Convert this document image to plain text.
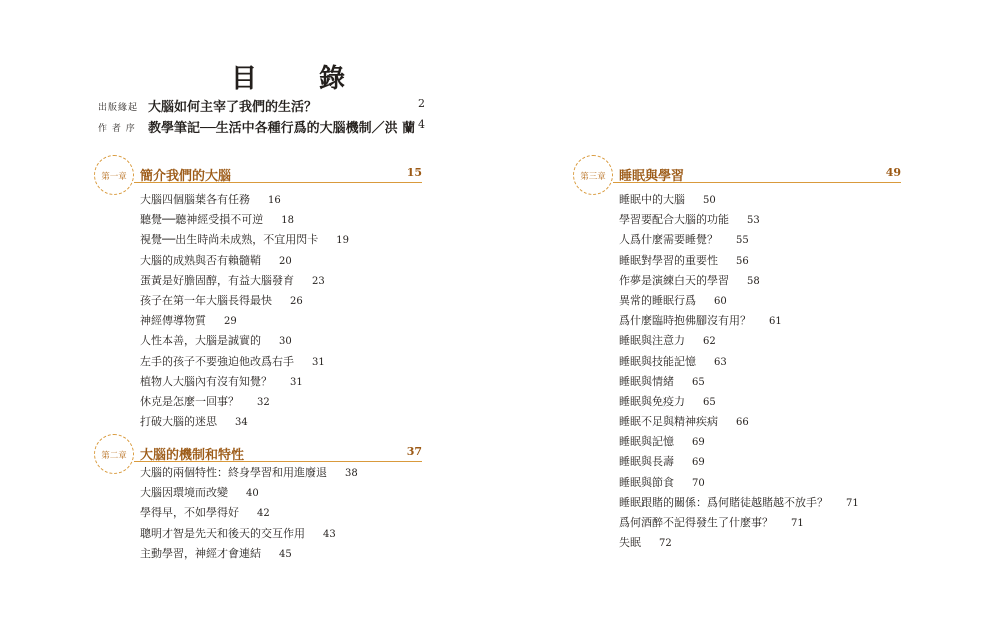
目　錄
出版緣起 大腦如何主宰了我們的生活？	2
作 者 序 教學筆記──生活中各種行爲的大腦機制／洪 蘭 4
第一章	簡介我們的大腦	15
大腦四個腦葉各有任務 16
聽覺──聽神經受損不可逆 18
視覺──出生時尚未成熟，不宜用閃卡 19
大腦的成熟與否有賴髓鞘 20
蛋黃是好膽固醇，有益大腦發育 23
孩子在第一年大腦長得最快 26
神經傳導物質 29
人性本善，大腦是誠實的 30
左手的孩子不要強迫他改爲右手 31
植物人大腦內有沒有知覺？ 31
休克是怎麼一回事？ 32
打破大腦的迷思 34
第二章	大腦的機制和特性	37
大腦的兩個特性：終身學習和用進廢退 38
大腦因環境而改變 40
學得早，不如學得好 42
聰明才智是先天和後天的交互作用 43
主動學習，神經才會連結 45
第三章	睡眠與學習	49
睡眠中的大腦 50
學習要配合大腦的功能 53
人爲什麼需要睡覺？ 55
睡眠對學習的重要性 56
作夢是演練白天的學習 58
異常的睡眠行爲 60
爲什麼臨時抱佛腳沒有用？ 61
睡眠與注意力 62
睡眠與技能記憶 63
睡眠與情緒 65
睡眠與免疫力 65
睡眠不足與精神疾病 66
睡眠與記憶 69
睡眠與長壽 69
睡眠與節食 70
睡眠跟賭的關係：爲何賭徒越賭越不放手？ 71
爲何酒醉不記得發生了什麼事？ 71
失眠 72
